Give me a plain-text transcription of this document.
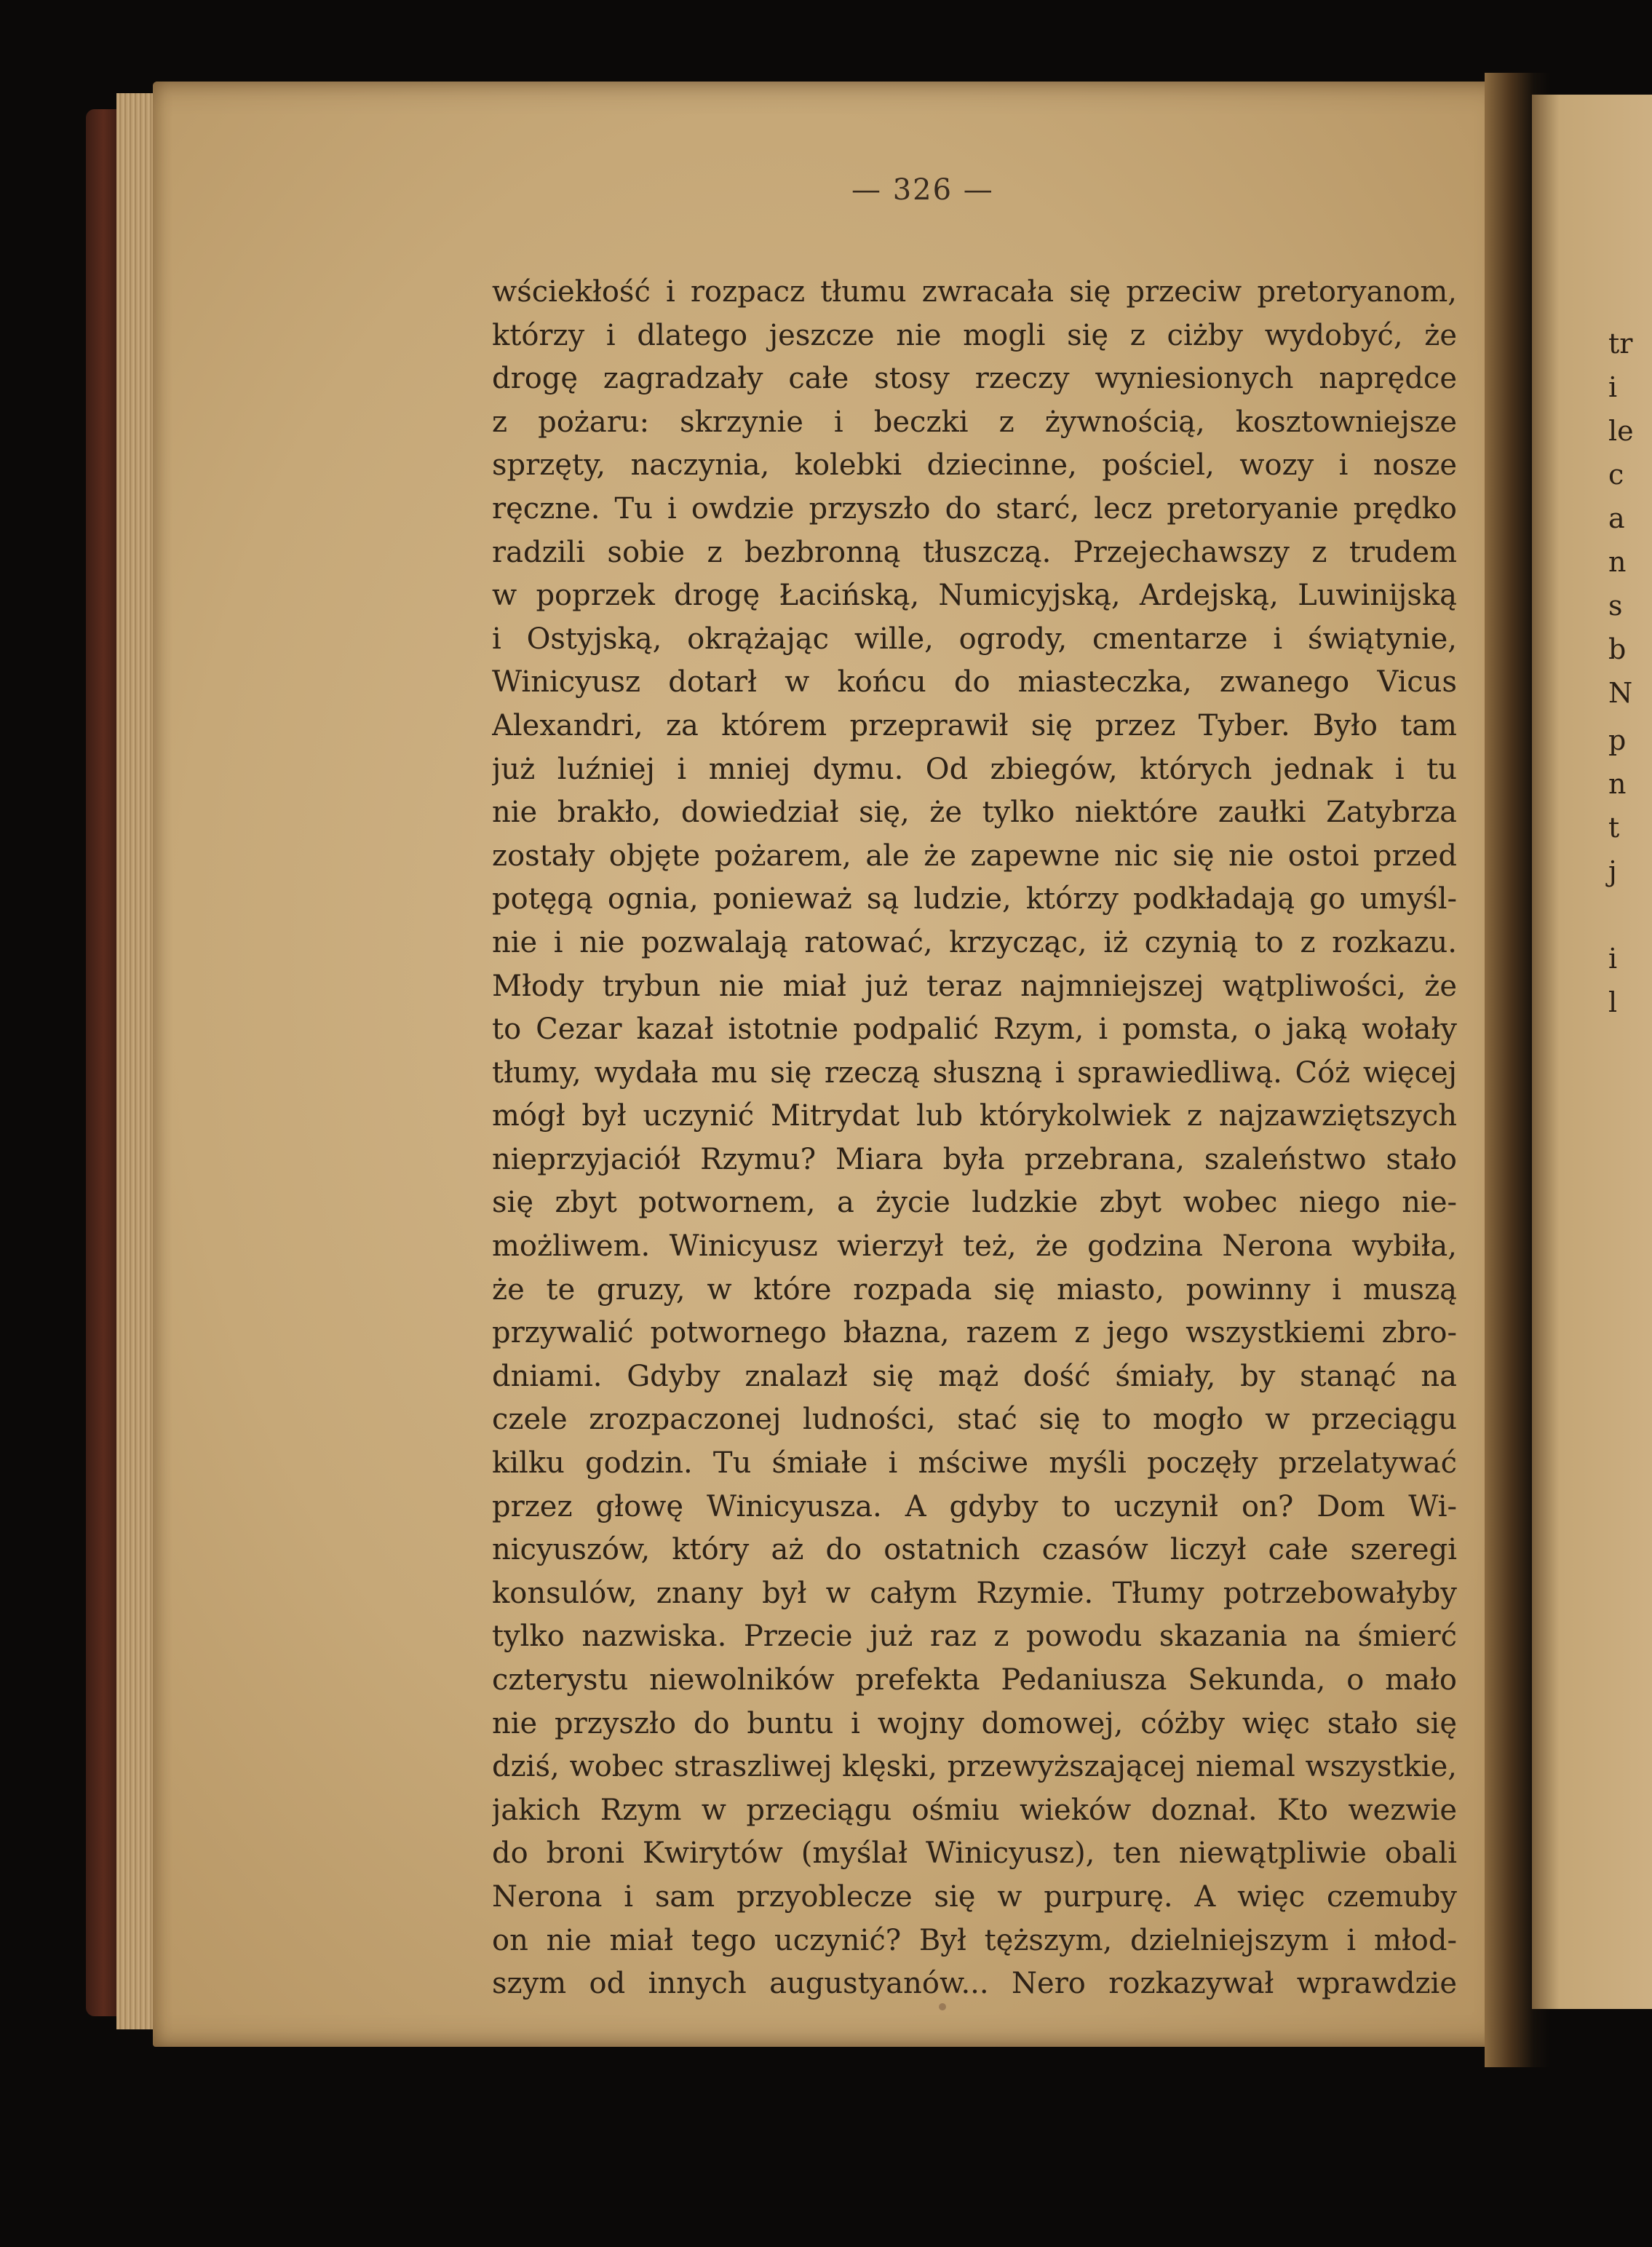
tr
i
le
c
a
n
s
b
N
p
n
t
j
i
l
— 326 —
wściekłość i rozpacz tłumu zwracała się przeciw pretoryanom,
którzy i dlatego jeszcze nie mogli się z ciżby wydobyć, że
drogę zagradzały całe stosy rzeczy wyniesionych naprędce
z pożaru: skrzynie i beczki z żywnością, kosztowniejsze
sprzęty, naczynia, kolebki dziecinne, pościel, wozy i nosze
ręczne. Tu i owdzie przyszło do starć, lecz pretoryanie prędko
radzili sobie z bezbronną tłuszczą. Przejechawszy z trudem
w poprzek drogę Łacińską, Numicyjską, Ardejską, Luwinijską
i Ostyjską, okrążając wille, ogrody, cmentarze i świątynie,
Winicyusz dotarł w końcu do miasteczka, zwanego Vicus
Alexandri, za którem przeprawił się przez Tyber. Było tam
już luźniej i mniej dymu. Od zbiegów, których jednak i tu
nie brakło, dowiedział się, że tylko niektóre zaułki Zatybrza
zostały objęte pożarem, ale że zapewne nic się nie ostoi przed
potęgą ognia, ponieważ są ludzie, którzy podkładają go umyśl-
nie i nie pozwalają ratować, krzycząc, iż czynią to z rozkazu.
Młody trybun nie miał już teraz najmniejszej wątpliwości, że
to Cezar kazał istotnie podpalić Rzym, i pomsta, o jaką wołały
tłumy, wydała mu się rzeczą słuszną i sprawiedliwą. Cóż więcej
mógł był uczynić Mitrydat lub którykolwiek z najzawziętszych
nieprzyjaciół Rzymu? Miara była przebrana, szaleństwo stało
się zbyt potwornem, a życie ludzkie zbyt wobec niego nie-
możliwem. Winicyusz wierzył też, że godzina Nerona wybiła,
że te gruzy, w które rozpada się miasto, powinny i muszą
przywalić potwornego błazna, razem z jego wszystkiemi zbro-
dniami. Gdyby znalazł się mąż dość śmiały, by stanąć na
czele zrozpaczonej ludności, stać się to mogło w przeciągu
kilku godzin. Tu śmiałe i mściwe myśli poczęły przelatywać
przez głowę Winicyusza. A gdyby to uczynił on? Dom Wi-
nicyuszów, który aż do ostatnich czasów liczył całe szeregi
konsulów, znany był w całym Rzymie. Tłumy potrzebowałyby
tylko nazwiska. Przecie już raz z powodu skazania na śmierć
czterystu niewolników prefekta Pedaniusza Sekunda, o mało
nie przyszło do buntu i wojny domowej, cóżby więc stało się
dziś, wobec straszliwej klęski, przewyższającej niemal wszystkie,
jakich Rzym w przeciągu ośmiu wieków doznał. Kto wezwie
do broni Kwirytów (myślał Winicyusz), ten niewątpliwie obali
Nerona i sam przyoblecze się w purpurę. A więc czemuby
on nie miał tego uczynić? Był tęższym, dzielniejszym i młod-
szym od innych augustyanów... Nero rozkazywał wprawdzie
